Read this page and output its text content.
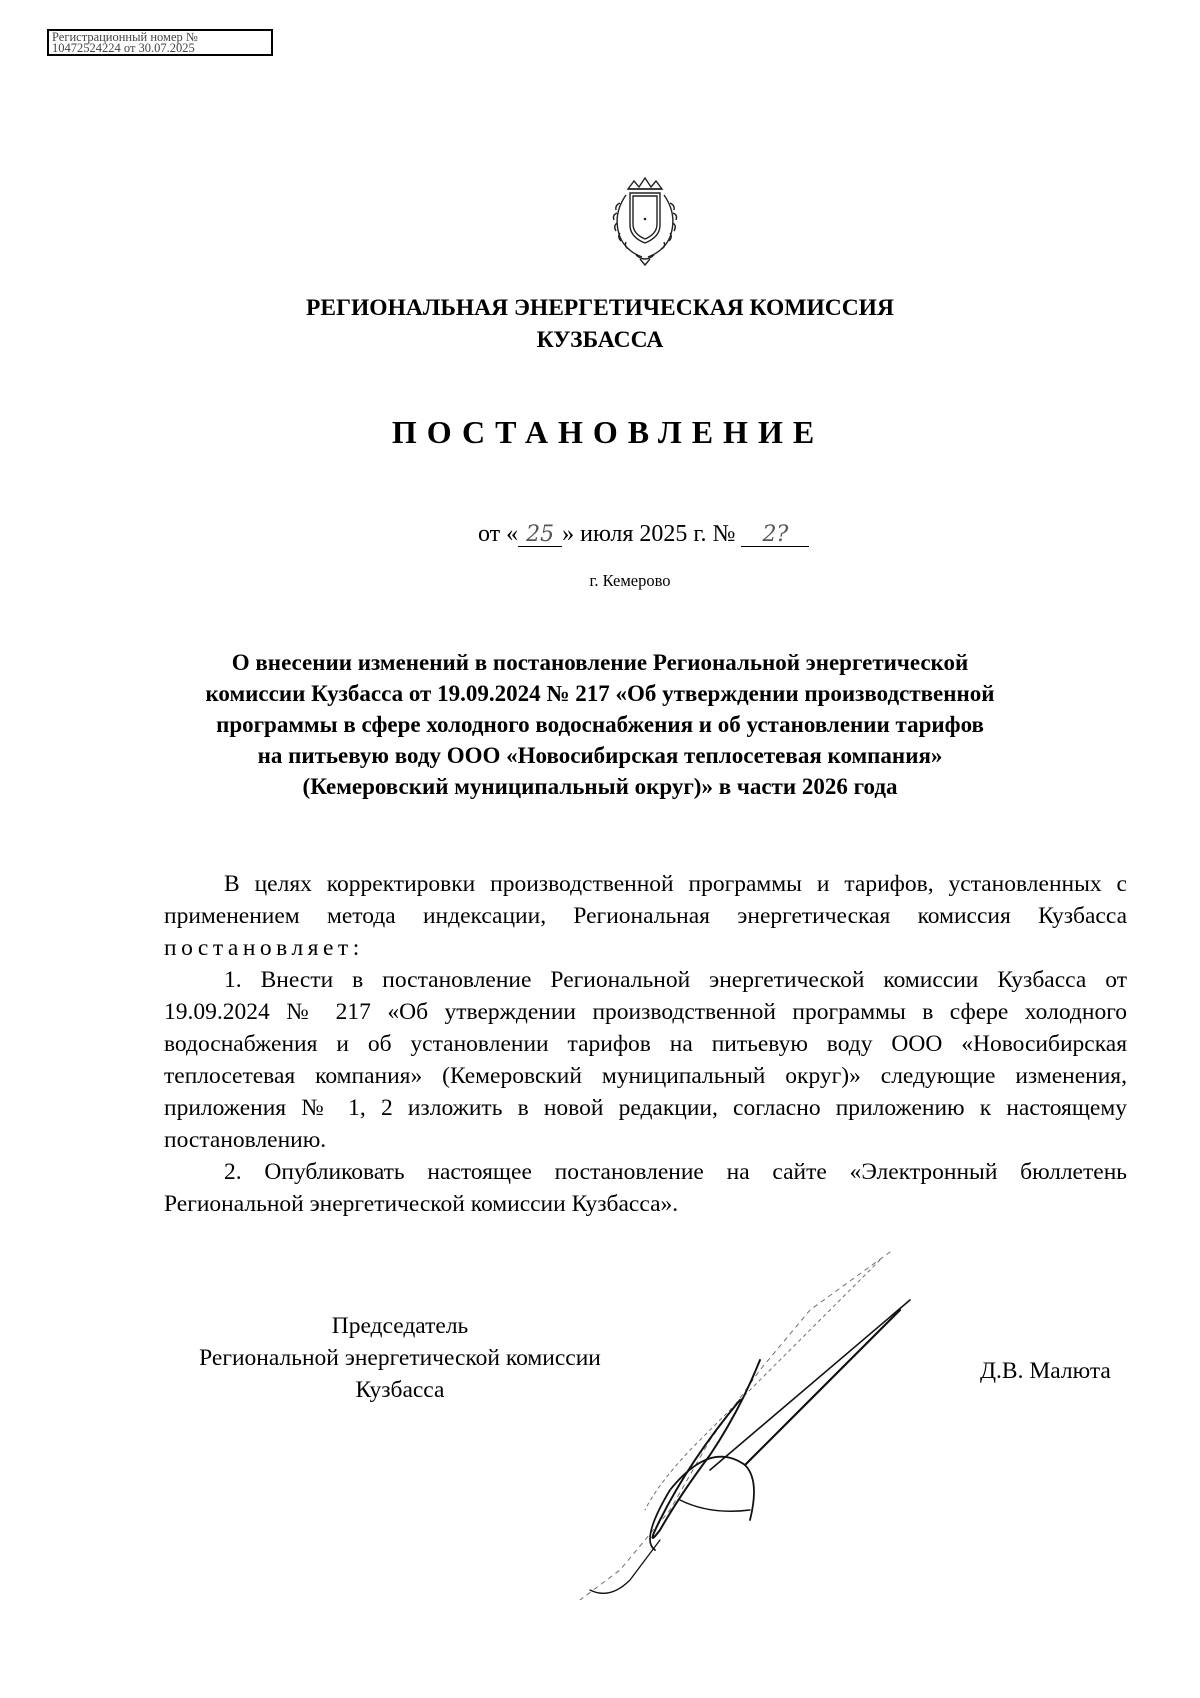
Регистрационный номер №
10472524224 от 30.07.2025
РЕГИОНАЛЬНАЯ ЭНЕРГЕТИЧЕСКАЯ КОМИССИЯ
КУЗБАССА
ПОСТАНОВЛЕНИЕ
от « 25 » июля 2025 г. № 2?
г. Кемерово
О внесении изменений в постановление Региональной энергетической
комиссии Кузбасса от 19.09.2024 № 217 «Об утверждении производственной
программы в сфере холодного водоснабжения и об установлении тарифов
на питьевую воду ООО «Новосибирская теплосетевая компания»
(Кемеровский муниципальный округ)» в части 2026 года

В целях корректировки производственной программы и тарифов, установленных с применением метода индексации, Региональная энергетическая комиссия Кузбасса постановляет:

1. Внести в постановление Региональной энергетической комиссии Кузбасса от 19.09.2024 № 217 «Об утверждении производственной программы в сфере холодного водоснабжения и об установлении тарифов на питьевую воду ООО «Новосибирская теплосетевая компания» (Кемеровский муниципальный округ)» следующие изменения, приложения № 1, 2 изложить в новой редакции, согласно приложению к настоящему постановлению.

2. Опубликовать настоящее постановление на сайте «Электронный бюллетень Региональной энергетической комиссии Кузбасса».

Председатель
Региональной энергетической комиссии
Кузбасса
Д.В. Малюта
